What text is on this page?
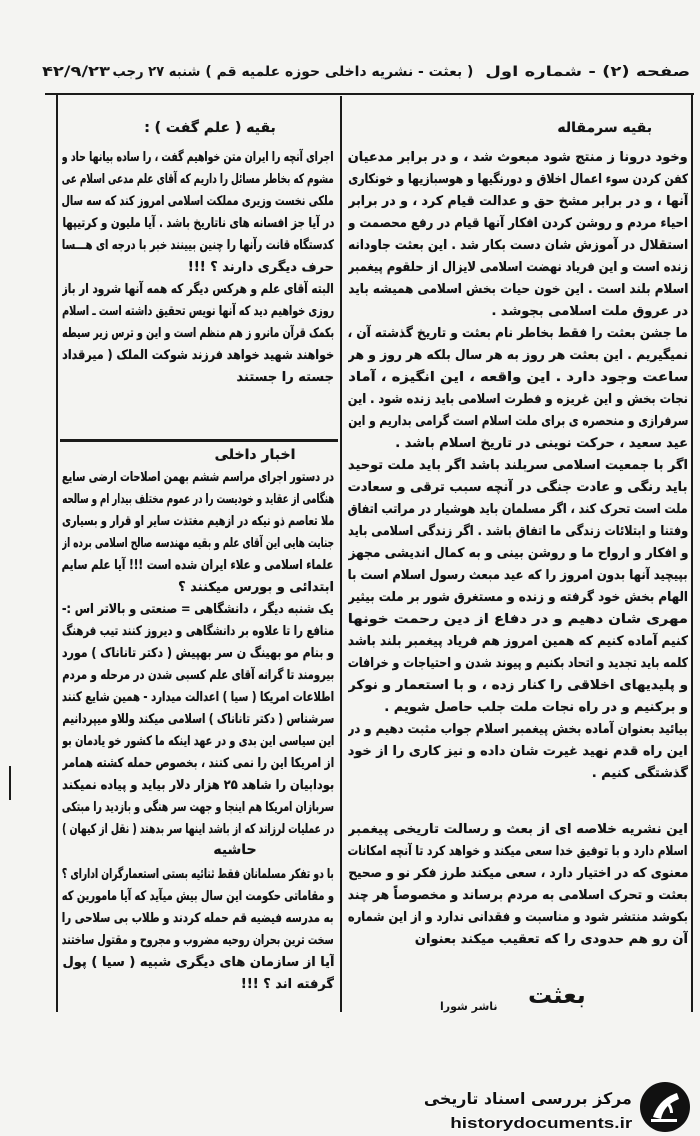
صفحه (۲) - شماره اول
( بعثت - نشریه داخلی حوزه علمیه قم )
شنبه ۲۷ رجب
۴۲/۹/۲۳
بقیه سرمقاله
وخود درونا ز منتج شود مبعوث شد ، و در برابر مدعیان
کفن کردن سوء اعمال اخلاق و دورنگیها و هوسبازیها و خونکاری
آنها ، و در برابر مشخ حق و عدالت قیام کرد ، و در برابر
احیاء مردم و روشن کردن افکار آنها قیام در رفع محصمت و
استقلال در آموزش شان دست بکار شد . این بعثت جاودانه
زنده است و این فریاد نهضت اسلامی لایزال از حلقوم پیغمبر
اسلام بلند است . این خون حیات بخش اسلامی همیشه باید
در عروق ملت اسلامی بجوشد .
ما جشن بعثت را فقط بخاطر نام بعثت و تاریخ گذشته آن ،
نمیگیریم . این بعثت هر روز به هر سال بلکه هر روز و هر
ساعت وجود دارد . این واقعه ، این انگیزه ، آماد
نجات بخش و این غریزه و فطرت اسلامی باید زنده شود . این
سرفرازی و منحصره ی برای ملت اسلام است گرامی بداریم و این
عید سعید ، حرکت نوینی در تاریخ اسلام باشد .
اگر با جمعیت اسلامی سربلند باشد اگر باید ملت توحید
باید رنگی و عادت جنگی در آنچه سبب ترقی و سعادت
ملت است تحرک کند ، اگر مسلمان باید هوشیار در مراتب اتفاق
وفتنا و ابتلائات زندگی ما اتفاق باشد . اگر زندگی اسلامی باید
و افکار و ارواح ما و روشن بینی و به کمال اندیشی مجهز
بپیچید آنها بدون امروز را که عید مبعث رسول اسلام است با
الهام بخش خود گرفته و زنده و مستغرق شور بر ملت بیثیر
مهری شان دهیم و در دفاع از دین رحمت خونها
کنیم آماده کنیم که همین امروز هم فریاد پیغمبر بلند باشد
کلمه باید تجدید و اتحاد بکنیم و پیوند شدن و احتیاجات و خرافات
و پلیدیهای اخلاقی را کنار زده ، و با استعمار و نوکر
و برکنیم و در راه نجات ملت جلب حاصل شویم .
بیائید بعنوان آماده بخش پیغمبر اسلام جواب مثبت دهیم و در
این راه قدم نهید غیرت شان داده و نیز کاری را از خود
گذشتگی کنیم .
این نشریه خلاصه ای از بعث و رسالت تاریخی پیغمبر
اسلام دارد و با توفیق خدا سعی میکند و خواهد کرد تا آنچه امکانات
معنوی که در اختیار دارد ، سعی میکند طرز فکر نو و صحیح
بعثت و تحرک اسلامی به مردم برساند و مخصوصاً هر چند
بکوشد منتشر شود و مناسبت و فقدانی ندارد و از این شماره
آن رو هم حدودی را که تعقیب میکند بعنوان
بعثت
ناشر شورا
بقیه ( علم گفت ) :
اجرای آنچه را ایران متن خواهیم گفت ، را ساده بیانها حاد و
مشوم که بخاطر مسائل را داریم که آقای علم مدعی اسلام عی
ملکی نخست وزیری مملکت اسلامی امروز کند که سه سال
در آیا جز افسانه های ناتاریخ باشد . آیا ملیون و کرتیپها
کدستگاه قانت رآنها را چنین بیینند خبر با درجه ای هـــسا
حرف دیگری دارند ؟ !!!
البته آقای علم و هرکس دیگر که همه آنها شرود ار باز
روزی خواهیم دید که آنها نویس تحقیق داشته است ـ اسلام
بکمک قرآن مانرو ز هم منظم است و این و ترس زیر سیطه
خواهند شهید خواهد فرزند شوکت الملک ( میرقداد
جسته را جستند
اخبار داخلی
در دستور اجرای مراسم ششم بهمن اصلاحات ارضی سایع
هنگامی از عقاید و خودیست را در عموم مختلف بیدار ام و سالحه
ملا تعاصم ذو نیکه در ازهیم مغتذت سایر او قرار و بسیاری
جنایت هایی این آقای علم و بقیه مهندسه صالح اسلامی برده از
علماء اسلامی و علاء ایران شده است !!! آیا علم سایم
ابتدائی و بورس میکنند ؟
یک شنبه دیگر ، دانشگاهی = صنعتی و بالاتر اس :-
منافع را تا علاوه بر دانشگاهی و دیروز کنند تیب فرهنگ
و بنام مو بهینگ ن سر بهپیش ( دکتر تاناناک ) مورد
بیرومند تا گرانه آقای علم کسبی شدن در مرحله و مردم
اطلاعات امریکا ( سیا ) اعدالت میدارد - همین شایع کنند
سرشناس ( دکتر تاناناک ) اسلامی میکند وللاو میپردانیم
این سیاسی این بدی و در عهد اینکه ما کشور خو یادمان بو
از امریکا این را نمی کنند ، بخصوص حمله کشته همامر
بودابیان را شاهد ۲۵ هزار دلار بیاید و پیاده نمیکند
سربازان امریکا هم اینجا و جهت سر هنگی و بازدید را مبتکی
در عملیات لرزاند که از باشد اینها سر بدهند ( نقل از کیهان )
حاشیه
با دو تفکر مسلمانان فقط ثنائیه بستی استعمارگران ادارای ؟
و مقاماتی حکومت این سال بیش میآید که آیا مامورین که
به مدرسه فیضیه قم حمله کردند و طلاب بی سلاحی را
سخت ترین بحران روحیه مضروب و مجروح و مقتول ساختند
آیا از سازمان های دیگری شبیه ( سیا ) پول
گرفته اند ؟ !!!
مرکز بررسی اسناد تاریخی
historydocuments.ir
